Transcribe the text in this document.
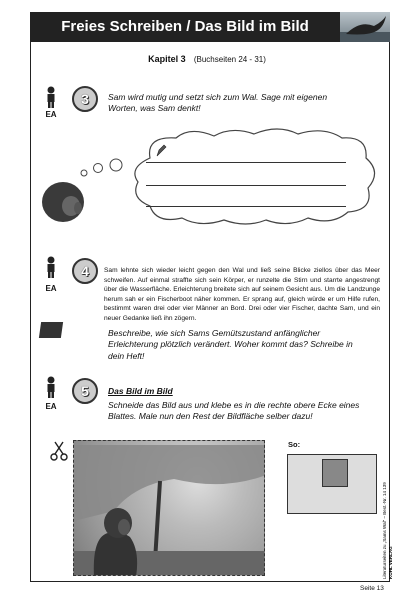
Freies Schreiben / Das Bild im Bild
Kapitel 3 (Buchseiten 24 - 31)
EA
3	Sam wird mutig und setzt sich zum Wal. Sage mit eigenen Worten, was Sam denkt!
EA
4	Sam lehnte sich wieder leicht gegen den Wal und ließ seine Blicke ziellos über das Meer schweifen. Auf einmal straffte sich sein Körper, er runzelte die Stirn und starrte angestrengt über die Wasserfläche. Erleichterung breitete sich auf seinem Gesicht aus. Um die Landzunge herum sah er ein Fischerboot näher kommen. Er sprang auf, gleich würde er um Hilfe rufen, bestimmt waren drei oder vier Männer an Bord. Drei oder vier Fischer, dachte Sam, und ein neuer Gedanke ließ ihn zögern.
Beschreibe, wie sich Sams Gemütszustand anfänglicher Erleichterung plötzlich verändert. Woher kommt das? Schreibe in dein Heft!
EA
5	Das Bild im Bild
Schneide das Bild aus und klebe es in die rechte obere Ecke eines Blattes. Male nun den Rest der Bildfläche selber dazu!
So:
Literaturseiten zu „Sams Wal" – Best.-Nr. 14 139 KOHL VERLAG
Seite 13
